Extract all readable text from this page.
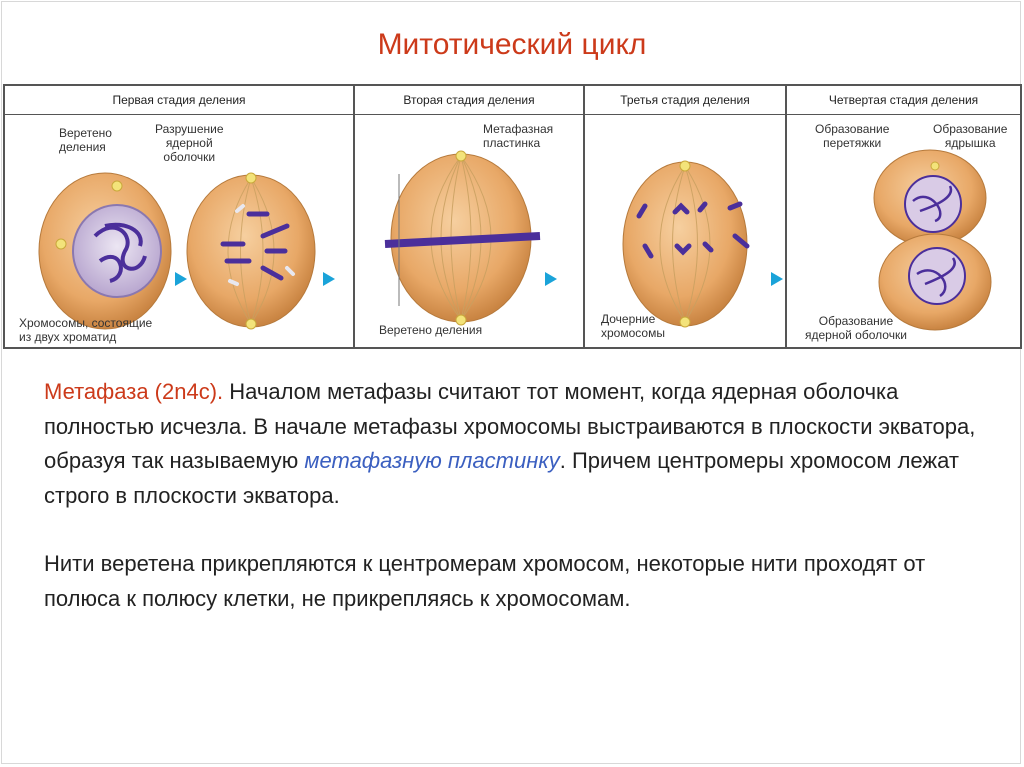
Митотический цикл
Первая стадия деления	Вторая стадия деления	Третья стадия деления	Четвертая стадия деления
Веретено
деления
Разрушение
ядерной
оболочки
Хромосомы, состоящие
из двух хроматид
Метафазная
пластинка
Веретено деления
Дочерние
хромосомы
Образование
перетяжки
Образование
ядрышка
Образование
ядерной оболочки

Метафаза (2n4c). Началом метафазы считают тот момент, когда ядерная оболочка полностью исчезла. В начале метафазы хромосомы выстраиваются в плоскости экватора, образуя так называемую метафазную пластинку. Причем центромеры хромосом лежат строго в плоскости экватора.

Нити веретена прикрепляются к центромерам хромосом, некоторые нити проходят от полюса к полюсу клетки, не прикрепляясь к хромосомам.
